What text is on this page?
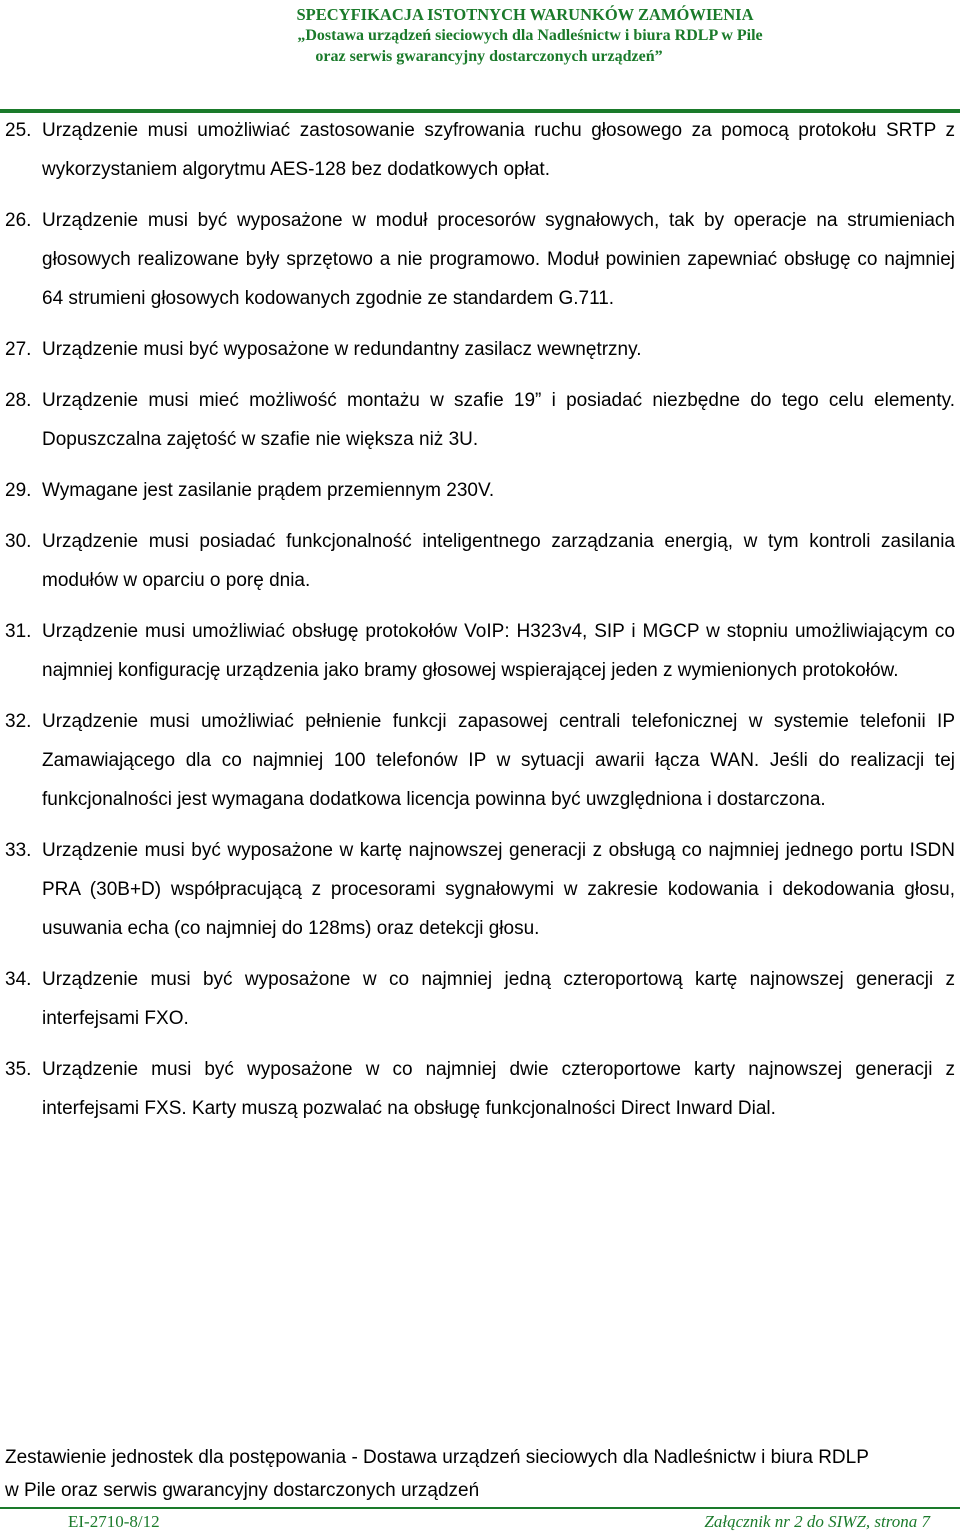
SPECYFIKACJA ISTOTNYCH WARUNKÓW ZAMÓWIENIA
„Dostawa urządzeń sieciowych dla Nadleśnictw i biura RDLP w Pile
oraz serwis gwarancyjny dostarczonych urządzeń”
25. Urządzenie musi umożliwiać zastosowanie szyfrowania ruchu głosowego za pomocą protokołu SRTP z wykorzystaniem algorytmu AES-128 bez dodatkowych opłat.
26. Urządzenie musi być wyposażone w moduł procesorów sygnałowych, tak by operacje na strumieniach głosowych realizowane były sprzętowo a nie programowo. Moduł powinien zapewniać obsługę co najmniej 64 strumieni głosowych kodowanych zgodnie ze standardem G.711.
27. Urządzenie musi być wyposażone w redundantny zasilacz wewnętrzny.
28. Urządzenie musi mieć możliwość montażu w szafie 19” i posiadać niezbędne do tego celu elementy. Dopuszczalna zajętość w szafie nie większa niż 3U.
29. Wymagane jest zasilanie prądem przemiennym 230V.
30. Urządzenie musi posiadać funkcjonalność inteligentnego zarządzania energią, w tym kontroli zasilania modułów w oparciu o porę dnia.
31. Urządzenie musi umożliwiać obsługę protokołów VoIP: H323v4, SIP i MGCP w stopniu umożliwiającym co najmniej konfigurację urządzenia jako bramy głosowej wspierającej jeden z wymienionych protokołów.
32. Urządzenie musi umożliwiać pełnienie funkcji zapasowej centrali telefonicznej w systemie telefonii IP Zamawiającego dla co najmniej 100 telefonów IP w sytuacji awarii łącza WAN. Jeśli do realizacji tej funkcjonalności jest wymagana dodatkowa licencja powinna być uwzględniona i dostarczona.
33. Urządzenie musi być wyposażone w kartę najnowszej generacji z obsługą co najmniej jednego portu ISDN PRA (30B+D) współpracującą z procesorami sygnałowymi w zakresie kodowania i dekodowania głosu, usuwania echa (co najmniej do 128ms) oraz detekcji głosu.
34. Urządzenie musi być wyposażone w co najmniej jedną czteroportową kartę najnowszej generacji z interfejsami FXO.
35. Urządzenie musi być wyposażone w co najmniej dwie czteroportowe karty najnowszej generacji z interfejsami FXS. Karty muszą pozwalać na obsługę funkcjonalności Direct Inward Dial.
Zestawienie jednostek dla postępowania - Dostawa urządzeń sieciowych dla Nadleśnictw i biura RDLP
w Pile oraz serwis gwarancyjny dostarczonych urządzeń
EI-2710-8/12	Załącznik nr 2 do SIWZ, strona 7
